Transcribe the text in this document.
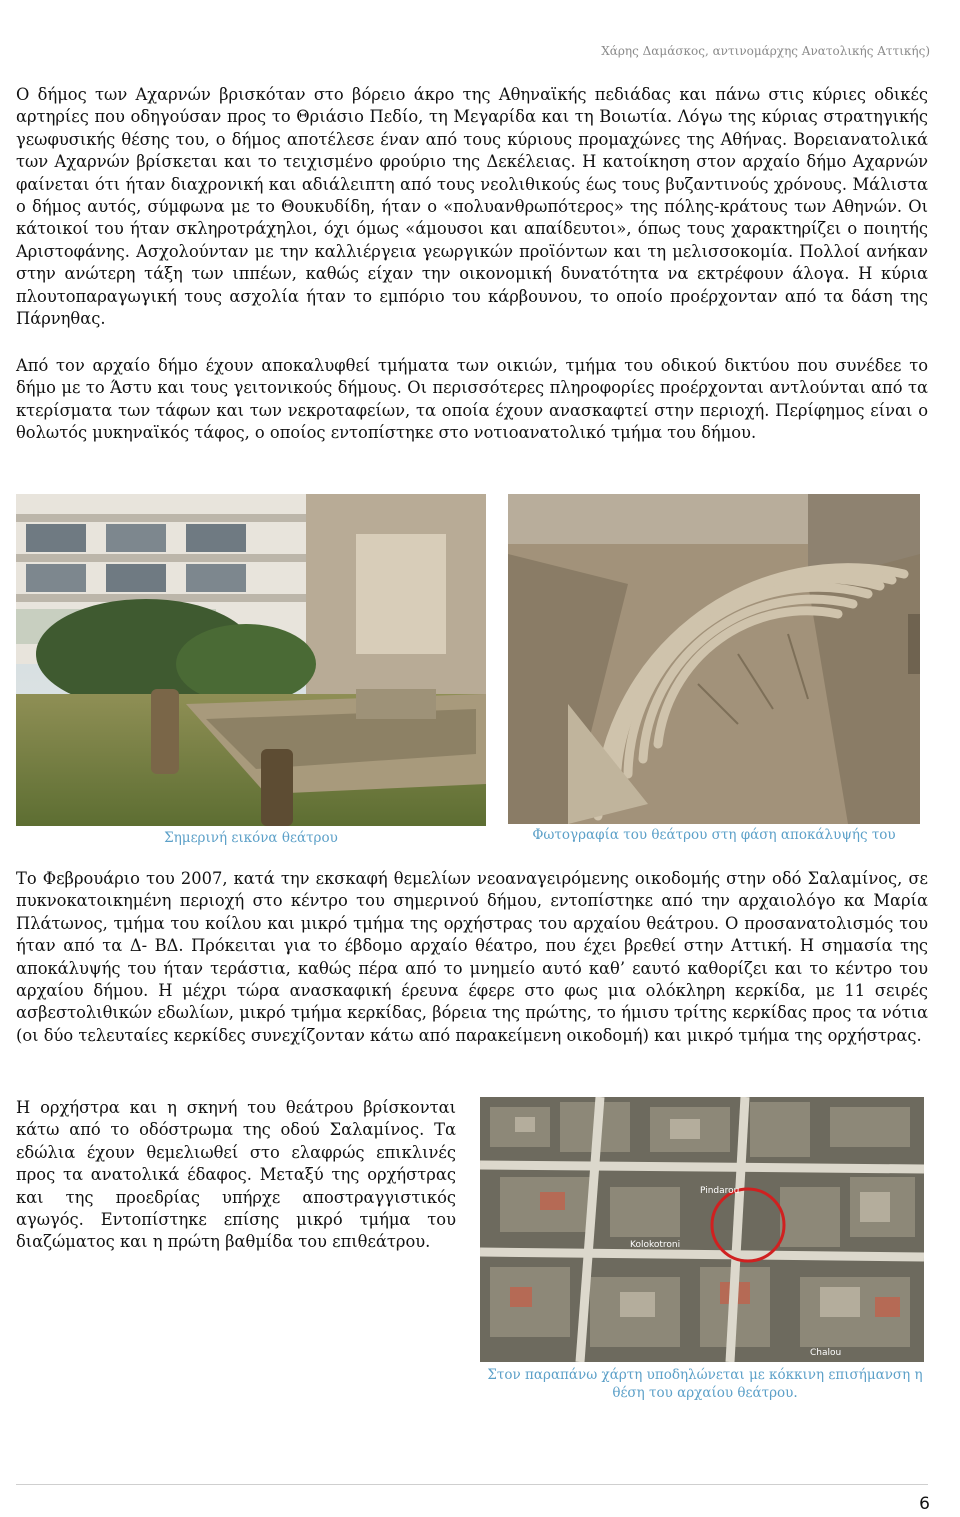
Χάρης Δαμάσκος, αντινομάρχης Ανατολικής Αττικής)
Ο δήμος των Αχαρνών βρισκόταν στο βόρειο άκρο της Αθηναϊκής πεδιάδας και πάνω στις κύριες οδικές αρτηρίες που οδηγούσαν προς το Θριάσιο Πεδίο, τη Μεγαρίδα και τη Βοιωτία. Λόγω της κύριας στρατηγικής γεωφυσικής θέσης του, ο δήμος αποτέλεσε έναν από τους κύριους προμαχώνες της Αθήνας. Βορειανατολικά των Αχαρνών βρίσκεται και το τειχισμένο φρούριο της Δεκέλειας. Η κατοίκηση στον αρχαίο δήμο Αχαρνών φαίνεται ότι ήταν διαχρονική και αδιάλειπτη από τους νεολιθικούς έως τους βυζαντινούς χρόνους. Μάλιστα ο δήμος αυτός, σύμφωνα με το Θουκυδίδη, ήταν ο «πολυανθρωπότερος» της πόλης-κράτους των Αθηνών. Οι κάτοικοί του ήταν σκληροτράχηλοι, όχι όμως «άμουσοι και απαίδευτοι», όπως τους χαρακτηρίζει ο ποιητής Αριστοφάνης. Ασχολούνταν με την καλλιέργεια γεωργικών προϊόντων και τη μελισσοκομία. Πολλοί ανήκαν στην ανώτερη τάξη των ιππέων, καθώς είχαν την οικονομική δυνατότητα να εκτρέφουν άλογα. Η κύρια πλουτοπαραγωγική τους ασχολία ήταν το εμπόριο του κάρβουνου, το οποίο προέρχονταν από τα δάση της Πάρνηθας.
Από τον αρχαίο δήμο έχουν αποκαλυφθεί τμήματα των οικιών, τμήμα του οδικού δικτύου που συνέδεε το δήμο με το Άστυ και τους γειτονικούς δήμους. Οι περισσότερες πληροφορίες προέρχονται αντλούνται από τα κτερίσματα των τάφων και των νεκροταφείων, τα οποία έχουν ανασκαφτεί στην περιοχή. Περίφημος είναι ο θολωτός μυκηναϊκός τάφος, ο οποίος εντοπίστηκε στο νοτιοανατολικό τμήμα του δήμου.
Σημερινή εικόνα θεάτρου	Φωτογραφία του θεάτρου στη φάση αποκάλυψής του
Το Φεβρουάριο του 2007, κατά την εκσκαφή θεμελίων νεοαναγειρόμενης οικοδομής στην οδό Σαλαμίνος, σε πυκνοκατοικημένη περιοχή στο κέντρο του σημερινού δήμου, εντοπίστηκε από την αρχαιολόγο κα Μαρία Πλάτωνος, τμήμα του κοίλου και μικρό τμήμα της ορχήστρας του αρχαίου θεάτρου. Ο προσανατολισμός του ήταν από τα Δ- ΒΔ. Πρόκειται για το έβδομο αρχαίο θέατρο, που έχει βρεθεί στην Αττική. Η σημασία της αποκάλυψής του ήταν τεράστια, καθώς πέρα από το μνημείο αυτό καθ’ εαυτό καθορίζει και το κέντρο του αρχαίου δήμου. Η μέχρι τώρα ανασκαφική έρευνα έφερε στο φως μια ολόκληρη κερκίδα, με 11 σειρές ασβεστολιθικών εδωλίων, μικρό τμήμα κερκίδας, βόρεια της πρώτης, το ήμισυ τρίτης κερκίδας προς τα νότια (οι δύο τελευταίες κερκίδες συνεχίζονταν κάτω από παρακείμενη οικοδομή) και μικρό τμήμα της ορχήστρας.
Η ορχήστρα και η σκηνή του θεάτρου βρίσκονται κάτω από το οδόστρωμα της οδού Σαλαμίνος. Τα εδώλια έχουν θεμελιωθεί στο ελαφρώς επικλινές προς τα ανατολικά έδαφος. Μεταξύ της ορχήστρας και της προεδρίας υπήρχε αποστραγγιστικός αγωγός. Εντοπίστηκε επίσης μικρό τμήμα του διαζώματος και η πρώτη βαθμίδα του επιθεάτρου.
Pindarou
Kolokotroni
Chalou
Στον παραπάνω χάρτη υποδηλώνεται με κόκκινη επισήμανση η θέση του αρχαίου θεάτρου.
6
